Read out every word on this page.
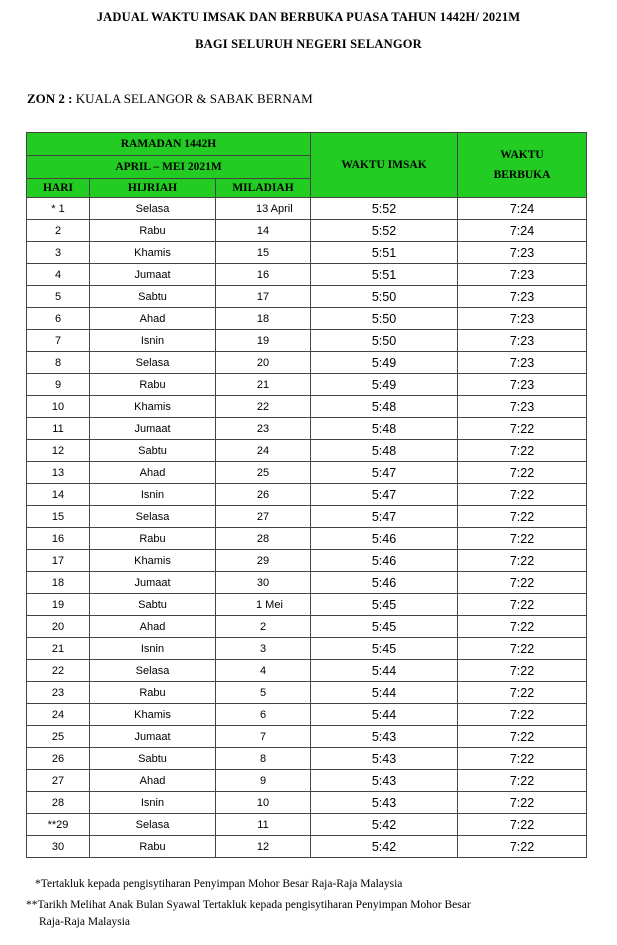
JADUAL WAKTU IMSAK DAN BERBUKA PUASA TAHUN 1442H/ 2021M
BAGI SELURUH NEGERI SELANGOR
ZON 2 : KUALA SELANGOR & SABAK BERNAM
RAMADAN 1442H			WAKTU IMSAK	WAKTU
BERBUKA

APRIL – MEI 2021M				
HARI	HIJRIAH	MILADIAH		
* 1	Selasa	13 April	5:52	7:24
2	Rabu	14	5:52	7:24
3	Khamis	15	5:51	7:23
4	Jumaat	16	5:51	7:23
5	Sabtu	17	5:50	7:23
6	Ahad	18	5:50	7:23
7	Isnin	19	5:50	7:23
8	Selasa	20	5:49	7:23
9	Rabu	21	5:49	7:23
10	Khamis	22	5:48	7:23
11	Jumaat	23	5:48	7:22
12	Sabtu	24	5:48	7:22
13	Ahad	25	5:47	7:22
14	Isnin	26	5:47	7:22
15	Selasa	27	5:47	7:22
16	Rabu	28	5:46	7:22
17	Khamis	29	5:46	7:22
18	Jumaat	30	5:46	7:22
19	Sabtu	1 Mei	5:45	7:22
20	Ahad	2	5:45	7:22
21	Isnin	3	5:45	7:22
22	Selasa	4	5:44	7:22
23	Rabu	5	5:44	7:22
24	Khamis	6	5:44	7:22
25	Jumaat	7	5:43	7:22
26	Sabtu	8	5:43	7:22
27	Ahad	9	5:43	7:22
28	Isnin	10	5:43	7:22
**29	Selasa	11	5:42	7:22
30	Rabu	12	5:42	7:22
*Tertakluk kepada pengisytiharan Penyimpan Mohor Besar Raja-Raja Malaysia
**Tarikh Melihat Anak Bulan Syawal Tertakluk kepada pengisytiharan Penyimpan Mohor Besar
Raja-Raja Malaysia
